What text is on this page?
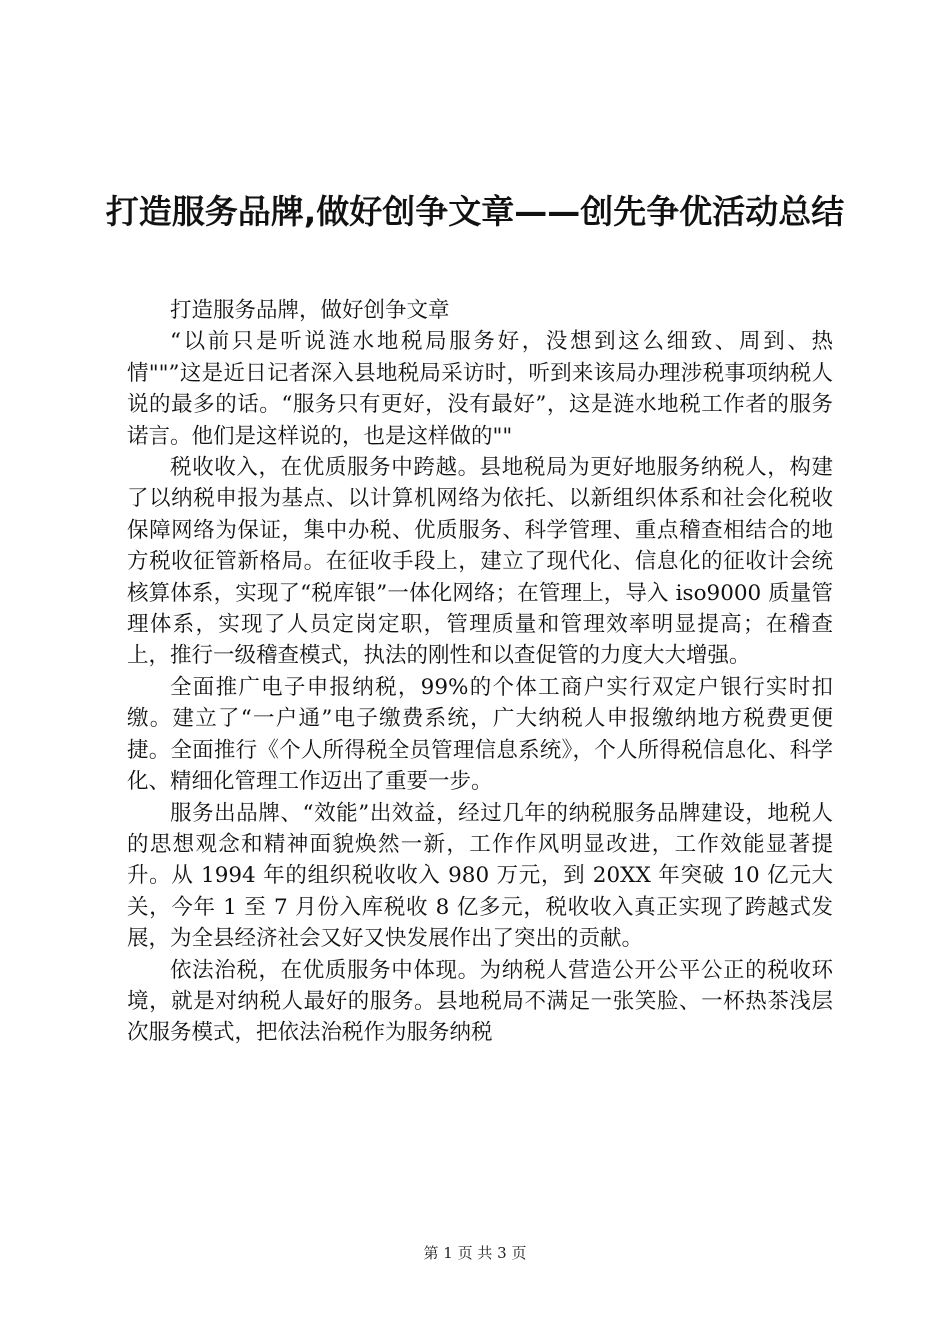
打造服务品牌,做好创争文章——创先争优活动总结

打造服务品牌，做好创争文章

“以前只是听说涟水地税局服务好，没想到这么细致、周到、热情""”这是近日记者深入县地税局采访时，听到来该局办理涉税事项纳税人说的最多的话。“服务只有更好，没有最好”，这是涟水地税工作者的服务诺言。他们是这样说的，也是这样做的""

税收收入，在优质服务中跨越。县地税局为更好地服务纳税人，构建了以纳税申报为基点、以计算机网络为依托、以新组织体系和社会化税收保障网络为保证，集中办税、优质服务、科学管理、重点稽查相结合的地方税收征管新格局。在征收手段上，建立了现代化、信息化的征收计会统核算体系，实现了“税库银”一体化网络；在管理上，导入 iso9000 质量管理体系，实现了人员定岗定职，管理质量和管理效率明显提高；在稽查上，推行一级稽查模式，执法的刚性和以查促管的力度大大增强。

全面推广电子申报纳税，99%的个体工商户实行双定户银行实时扣缴。建立了“一户通”电子缴费系统，广大纳税人申报缴纳地方税费更便捷。全面推行《个人所得税全员管理信息系统》，个人所得税信息化、科学化、精细化管理工作迈出了重要一步。

服务出品牌、“效能”出效益，经过几年的纳税服务品牌建设，地税人的思想观念和精神面貌焕然一新，工作作风明显改进，工作效能显著提升。从 1994 年的组织税收收入 980 万元，到 20XX 年突破 10 亿元大关，今年 1 至 7 月份入库税收 8 亿多元，税收收入真正实现了跨越式发展，为全县经济社会又好又快发展作出了突出的贡献。

依法治税，在优质服务中体现。为纳税人营造公开公平公正的税收环境，就是对纳税人最好的服务。县地税局不满足一张笑脸、一杯热茶浅层次服务模式，把依法治税作为服务纳税

第 1 页 共 3 页
